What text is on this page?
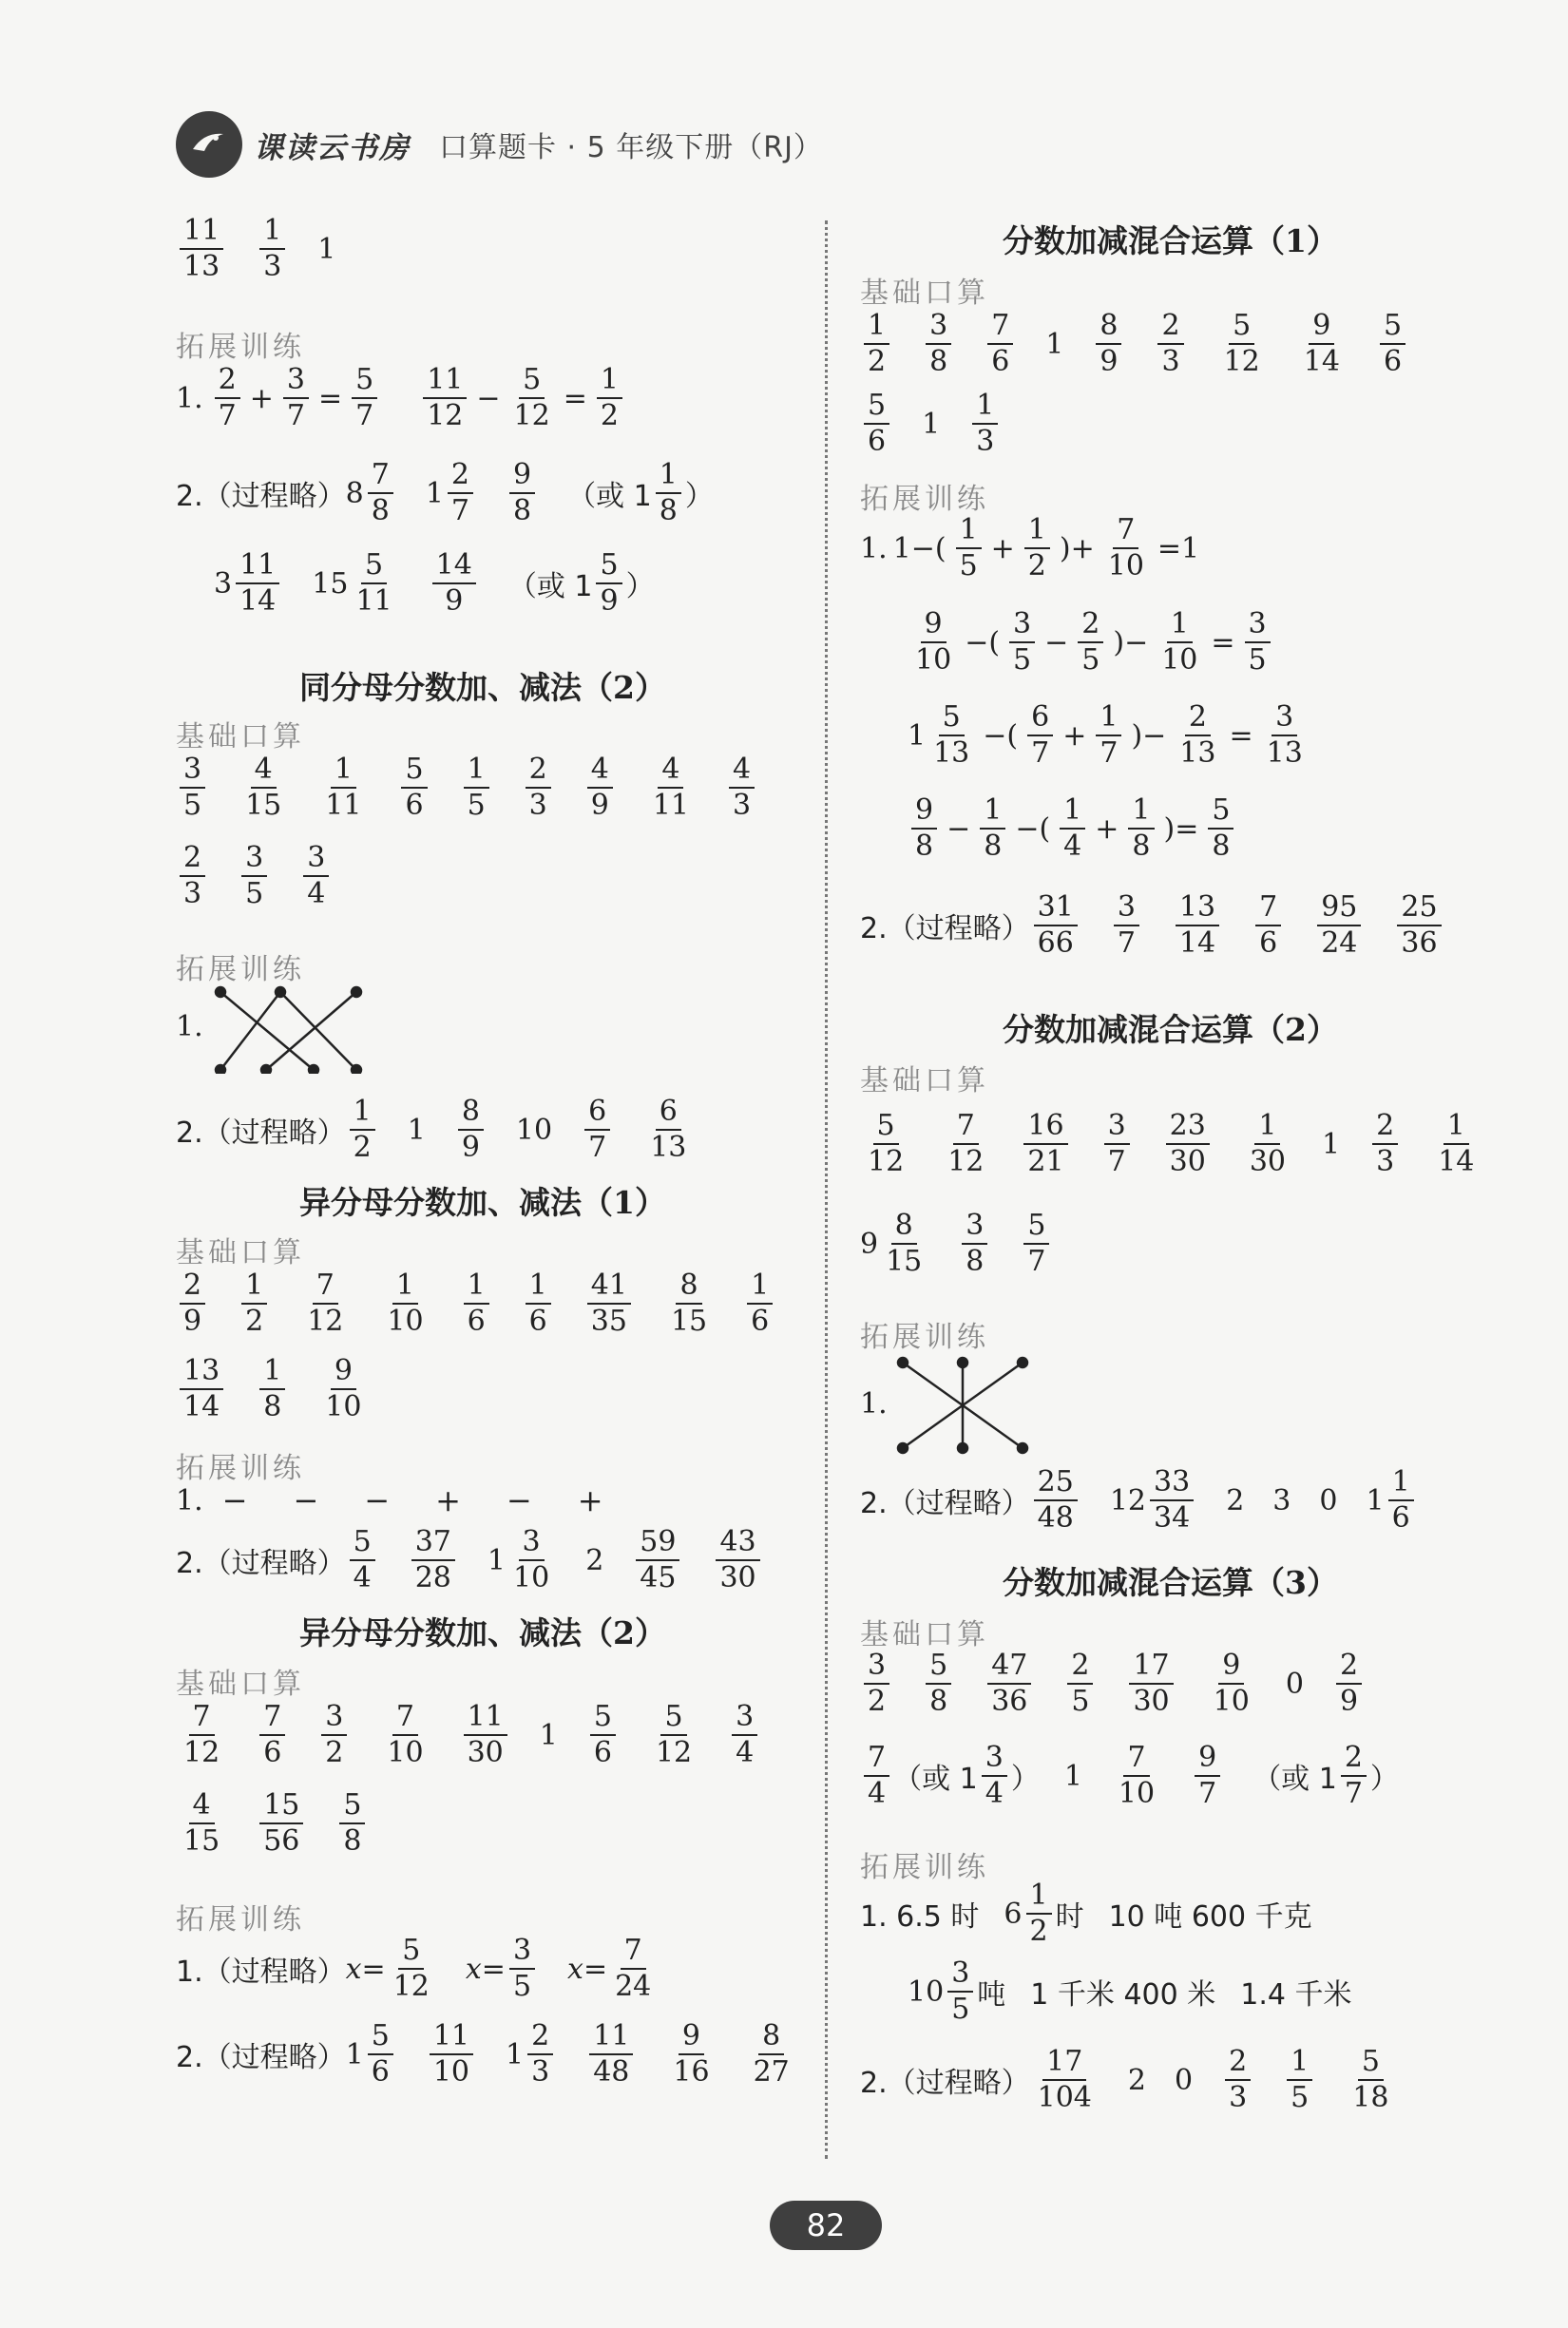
课读云书房 口算题卡 · 5 年级下册（RJ）
$\frac{11}{13} \frac{1}{3} 1$
拓展训练
1. $\frac{2}{7} + \frac{3}{7} = \frac{5}{7} \frac{11}{12} - \frac{5}{12} = \frac{1}{2}$
2.（过程略） $8 \frac{7}{8} 1 \frac{2}{7} \frac{9}{8}$ （或 $1 \frac{1}{8}$ ）
$3 \frac{11}{14} 15 \frac{5}{11} \frac{14}{9}$ （或 $1 \frac{5}{9}$ ）
同分母分数加、减法（2）
基础口算
$\frac{3}{5} \frac{4}{15} \frac{1}{11} \frac{5}{6} \frac{1}{5} \frac{2}{3} \frac{4}{9} \frac{4}{11} \frac{4}{3}$
$\frac{2}{3} \frac{3}{5} \frac{3}{4}$
拓展训练
1.
2.（过程略） $\frac{1}{2} 1 \frac{8}{9} 10 \frac{6}{7} \frac{6}{13}$
异分母分数加、减法（1）
基础口算
$\frac{2}{9} \frac{1}{2} \frac{7}{12} \frac{1}{10} \frac{1}{6} \frac{1}{6} \frac{41}{35} \frac{8}{15} \frac{1}{6}$
$\frac{13}{14} \frac{1}{8} \frac{9}{10}$
拓展训练
1. − − − + − +
2.（过程略） $\frac{5}{4} \frac{37}{28} 1 \frac{3}{10} 2 \frac{59}{45} \frac{43}{30}$
异分母分数加、减法（2）
基础口算
$\frac{7}{12} \frac{7}{6} \frac{3}{2} \frac{7}{10} \frac{11}{30} 1 \frac{5}{6} \frac{5}{12} \frac{3}{4}$
$\frac{4}{15} \frac{15}{56} \frac{5}{8}$
拓展训练
1.（过程略） $x= \frac{5}{12} x= \frac{3}{5} x= \frac{7}{24}$
2.（过程略） $1 \frac{5}{6} \frac{11}{10} 1 \frac{2}{3} \frac{11}{48} \frac{9}{16} \frac{8}{27}$
分数加减混合运算（1）
基础口算
$\frac{1}{2} \frac{3}{8} \frac{7}{6} 1 \frac{8}{9} \frac{2}{3} \frac{5}{12} \frac{9}{14} \frac{5}{6}$
$\frac{5}{6} 1 \frac{1}{3}$
拓展训练
1. $1-( \frac{1}{5} + \frac{1}{2}$ )+ $\frac{7}{10} =1$
$\frac{9}{10}$ −( $\frac{3}{5} - \frac{2}{5}$ )− $\frac{1}{10} = \frac{3}{5}$
$1 \frac{5}{13}$ −( $\frac{6}{7} + \frac{1}{7}$ )− $\frac{2}{13} = \frac{3}{13}$
$\frac{9}{8} - \frac{1}{8}$ −( $\frac{1}{4} + \frac{1}{8}$ )= $\frac{5}{8}$
2.（过程略） $\frac{31}{66} \frac{3}{7} \frac{13}{14} \frac{7}{6} \frac{95}{24} \frac{25}{36}$
分数加减混合运算（2）
基础口算
$\frac{5}{12} \frac{7}{12} \frac{16}{21} \frac{3}{7} \frac{23}{30} \frac{1}{30} 1 \frac{2}{3} \frac{1}{14}$
$9 \frac{8}{15} \frac{3}{8} \frac{5}{7}$
拓展训练
1.
2.（过程略） $\frac{25}{48} 12 \frac{33}{34} 2$ 3 0 $1 \frac{1}{6}$
分数加减混合运算（3）
基础口算
$\frac{3}{2} \frac{5}{8} \frac{47}{36} \frac{2}{5} \frac{17}{30} \frac{9}{10} 0 \frac{2}{9}$
$\frac{7}{4}$ （或 $1 \frac{3}{4}$ ） $1 \frac{7}{10} \frac{9}{7}$ （或 $1 \frac{2}{7}$ ）
拓展训练
1. 6.5 时 $6 \frac{1}{2}$ 时 10 吨 600 千克
$10 \frac{3}{5}$ 吨 1 千米 400 米 1.4 千米
2.（过程略） $\frac{17}{104} 2$ $0 \frac{2}{3} \frac{1}{5} \frac{5}{18}$
82
